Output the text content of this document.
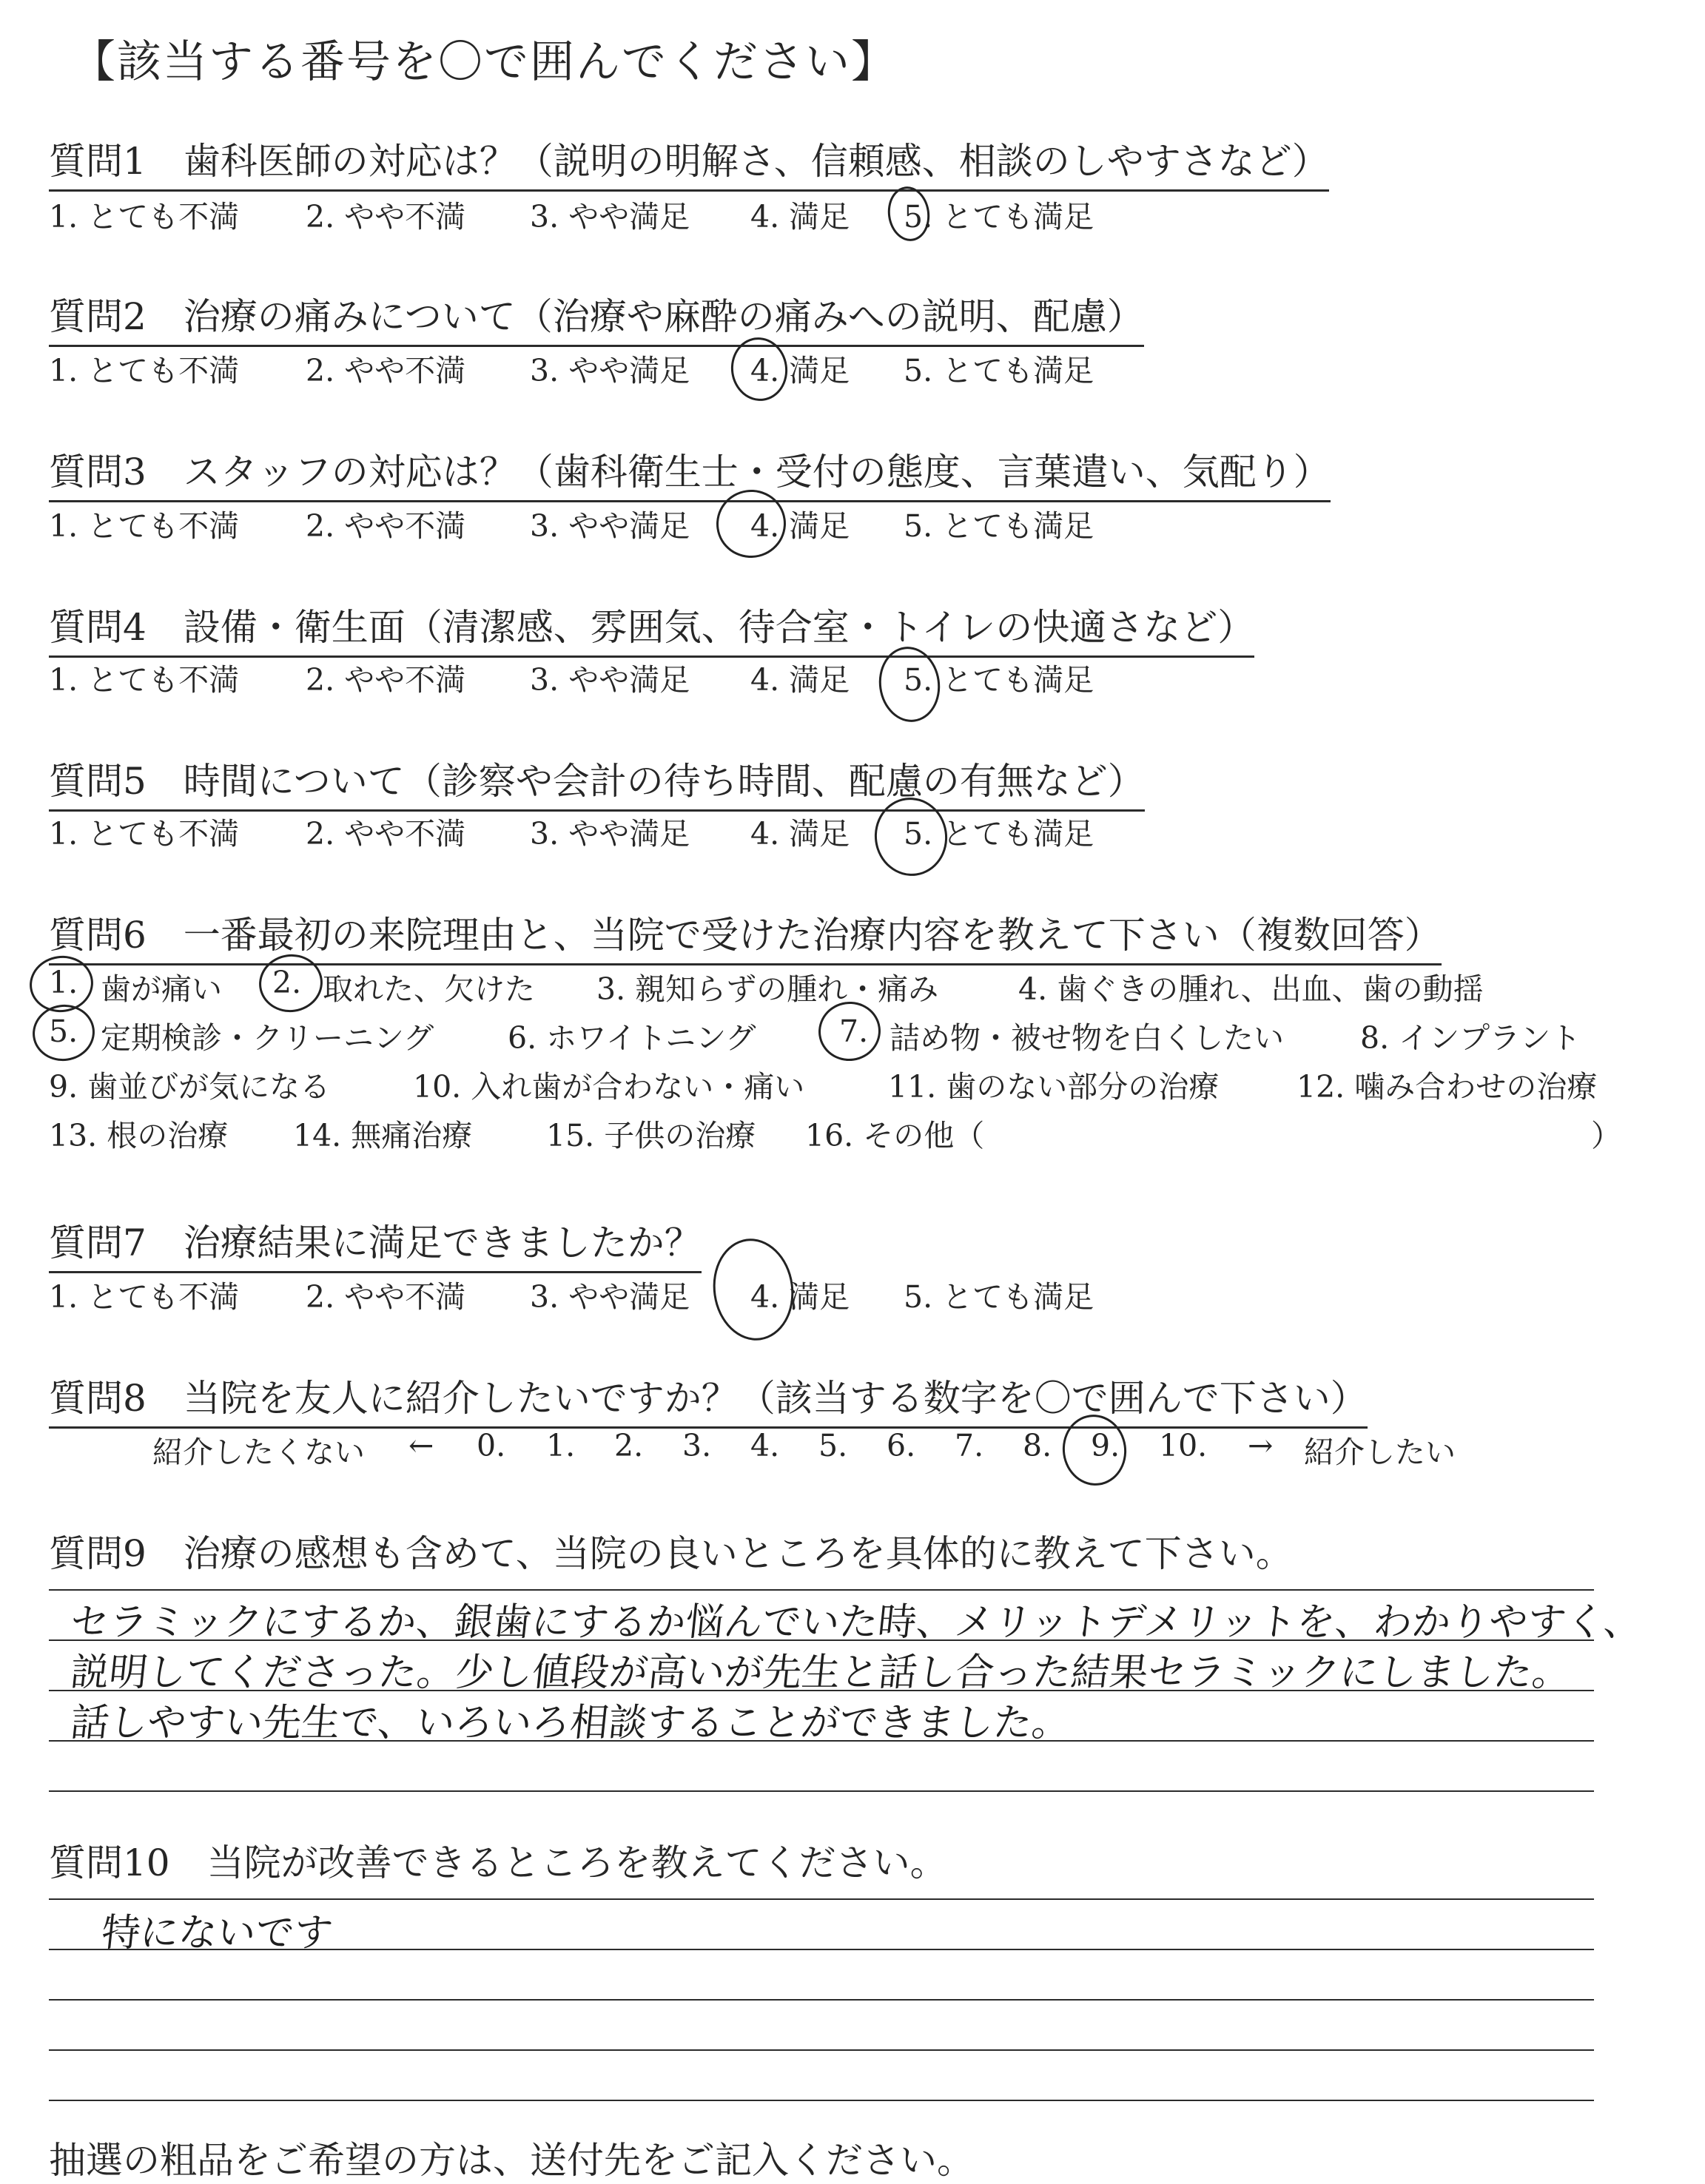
【該当する番号を〇で囲んでください】
質問1　歯科医師の対応は？（説明の明解さ、信頼感、相談のしやすさなど）
1. とても不満 2. やや不満 3. やや満足 4. 満足 5. とても満足
質問2　治療の痛みについて（治療や麻酔の痛みへの説明、配慮）
1. とても不満 2. やや不満 3. やや満足 4. 満足 5. とても満足
質問3　スタッフの対応は？（歯科衛生士・受付の態度、言葉遣い、気配り）
1. とても不満 2. やや不満 3. やや満足 4. 満足 5. とても満足
質問4　設備・衛生面（清潔感、雰囲気、待合室・トイレの快適さなど）
1. とても不満 2. やや不満 3. やや満足 4. 満足 5. とても満足
質問5　時間について（診察や会計の待ち時間、配慮の有無など）
1. とても不満 2. やや不満 3. やや満足 4. 満足 5. とても満足
質問6　一番最初の来院理由と、当院で受けた治療内容を教えて下さい（複数回答）
1. 歯が痛い 2. 取れた、欠けた 3. 親知らずの腫れ・痛み	4. 歯ぐきの腫れ、出血、歯の動揺
5. 定期検診・クリーニング 6. ホワイトニング	7. 詰め物・被せ物を白くしたい	8. インプラント
9. 歯並びが気になる	10. 入れ歯が合わない・痛い	11. 歯のない部分の治療	12. 噛み合わせの治療
13. 根の治療 14. 無痛治療 15. 子供の治療 16. その他（	）
質問7　治療結果に満足できましたか？
1. とても不満 2. やや不満 3. やや満足 4. 満足 5. とても満足
質問8　当院を友人に紹介したいですか？（該当する数字を〇で囲んで下さい）
紹介したくない ← 0. 1. 2. 3. 4. 5. 6. 7. 8. 9. 10. → 紹介したい
質問9　治療の感想も含めて、当院の良いところを具体的に教えて下さい。
セラミックにするか、銀歯にするか悩んでいた時、メリットデメリットを、わかりやすく、
説明してくださった。少し値段が高いが先生と話し合った結果セラミックにしました。
話しやすい先生で、いろいろ相談することができました。
質問10　当院が改善できるところを教えてください。
特にないです
抽選の粗品をご希望の方は、送付先をご記入ください。
